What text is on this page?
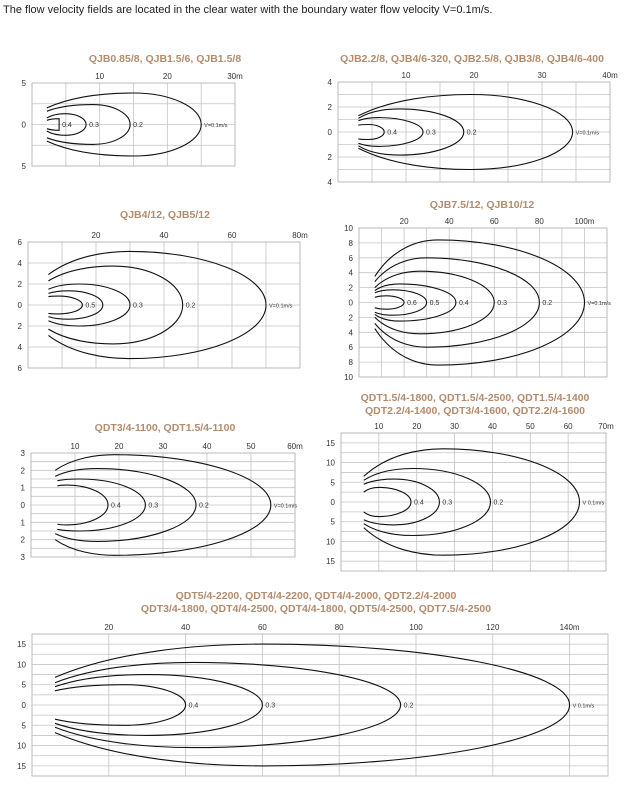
The flow velocity fields are located in the clear water with the boundary water flow velocity V=0.1m/s.
10	20	30m
5
0
5
0.4 0.3	0.2	V=0.1m/s
10	20	30	40m
4
2
0
2
4
0.4	0.3	0.2	V=0.1m/s
20	40	60	80m
6
4
2
0
2
4
6
0.5	0.3	0.2	V=0.1m/s
20	40	60	80	100m
10
8
6
4
2
0
2
4
6
8
10
0.6 0.5	0.4	0.3	0.2	V=0.1m/s
10	20	30	40	50	60m
3
2
1
0
1
2
3
0.4	0.3	0.2	V=0.1m/s
10	20	30	40	50	60	70m
15
10
5
0
5
10
15
0.4	0.3	0.2	V 0.1m/s
20	40	60	80	100	120	140m
15
10
5
0
5
10
15
0.4	0.3	0.2	V 0.1m/s
QJB0.85/8, QJB1.5/6, QJB1.5/8	QJB2.2/8, QJB4/6-320, QJB2.5/8, QJB3/8, QJB4/6-400
QJB4/12, QJB5/12
QJB7.5/12, QJB10/12
QDT3/4-1100, QDT1.5/4-1100
QDT1.5/4-1800, QDT1.5/4-2500, QDT1.5/4-1400
QDT2.2/4-1400, QDT3/4-1600, QDT2.2/4-1600
QDT5/4-2200, QDT4/4-2200, QDT4/4-2000, QDT2.2/4-2000
QDT3/4-1800, QDT4/4-2500, QDT4/4-1800, QDT5/4-2500, QDT7.5/4-2500
